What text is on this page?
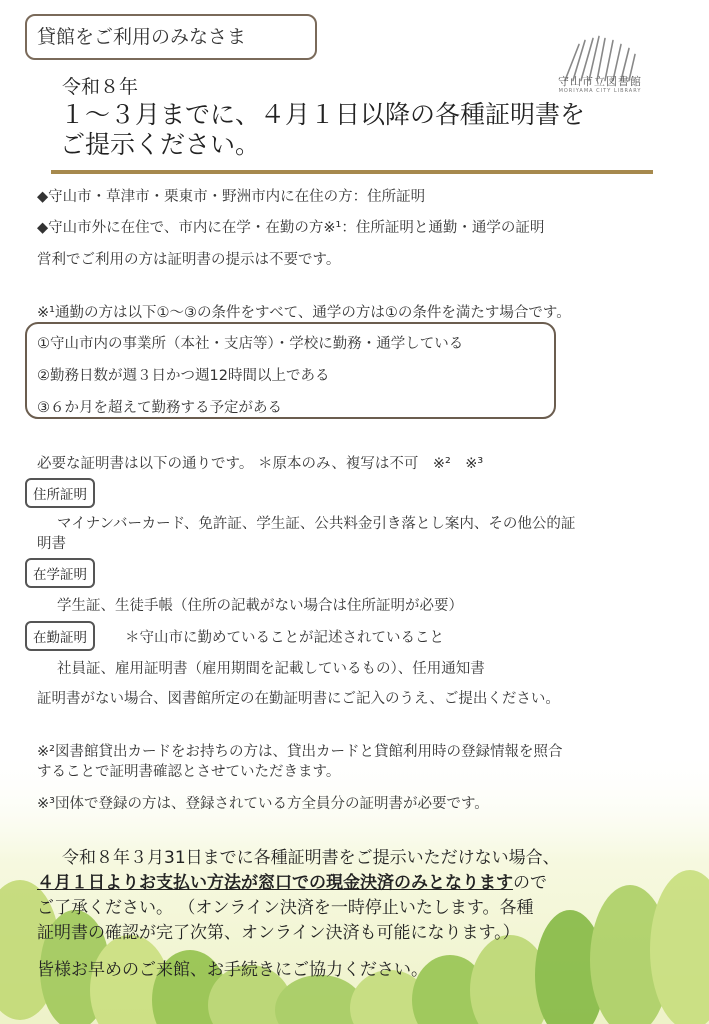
貸館をご利用のみなさま
守山市立図書館
MORIYAMA CITY LIBRARY
令和８年
１～３月までに、４月１日以降の各種証明書を
ご提示ください。
◆守山市・草津市・栗東市・野洲市内に在住の方：住所証明
◆守山市外に在住で、市内に在学・在勤の方※¹：住所証明と通勤・通学の証明
営利でご利用の方は証明書の提示は不要です。
※¹通勤の方は以下①～③の条件をすべて、通学の方は①の条件を満たす場合です。
①守山市内の事業所（本社・支店等）・学校に勤務・通学している
②勤務日数が週３日かつ週12時間以上である
③６か月を超えて勤務する予定がある
必要な証明書は以下の通りです。 ＊原本のみ、複写は不可　※²　※³
住所証明
マイナンバーカード、免許証、学生証、公共料金引き落とし案内、その他公的証
明書
在学証明
学生証、生徒手帳（住所の記載がない場合は住所証明が必要）
在勤証明	＊守山市に勤めていることが記述されていること
社員証、雇用証明書（雇用期間を記載しているもの）、任用通知書
証明書がない場合、図書館所定の在勤証明書にご記入のうえ、ご提出ください。
※²図書館貸出カードをお持ちの方は、貸出カードと貸館利用時の登録情報を照合
することで証明書確認とさせていただきます。
※³団体で登録の方は、登録されている方全員分の証明書が必要です。
令和８年３月31日までに各種証明書をご提示いただけない場合、
４月１日よりお支払い方法が窓口での現金決済のみとなりますので
ご了承ください。 （オンライン決済を一時停止いたします。各種
証明書の確認が完了次第、オンライン決済も可能になります。）
皆様お早めのご来館、お手続きにご協力ください。
